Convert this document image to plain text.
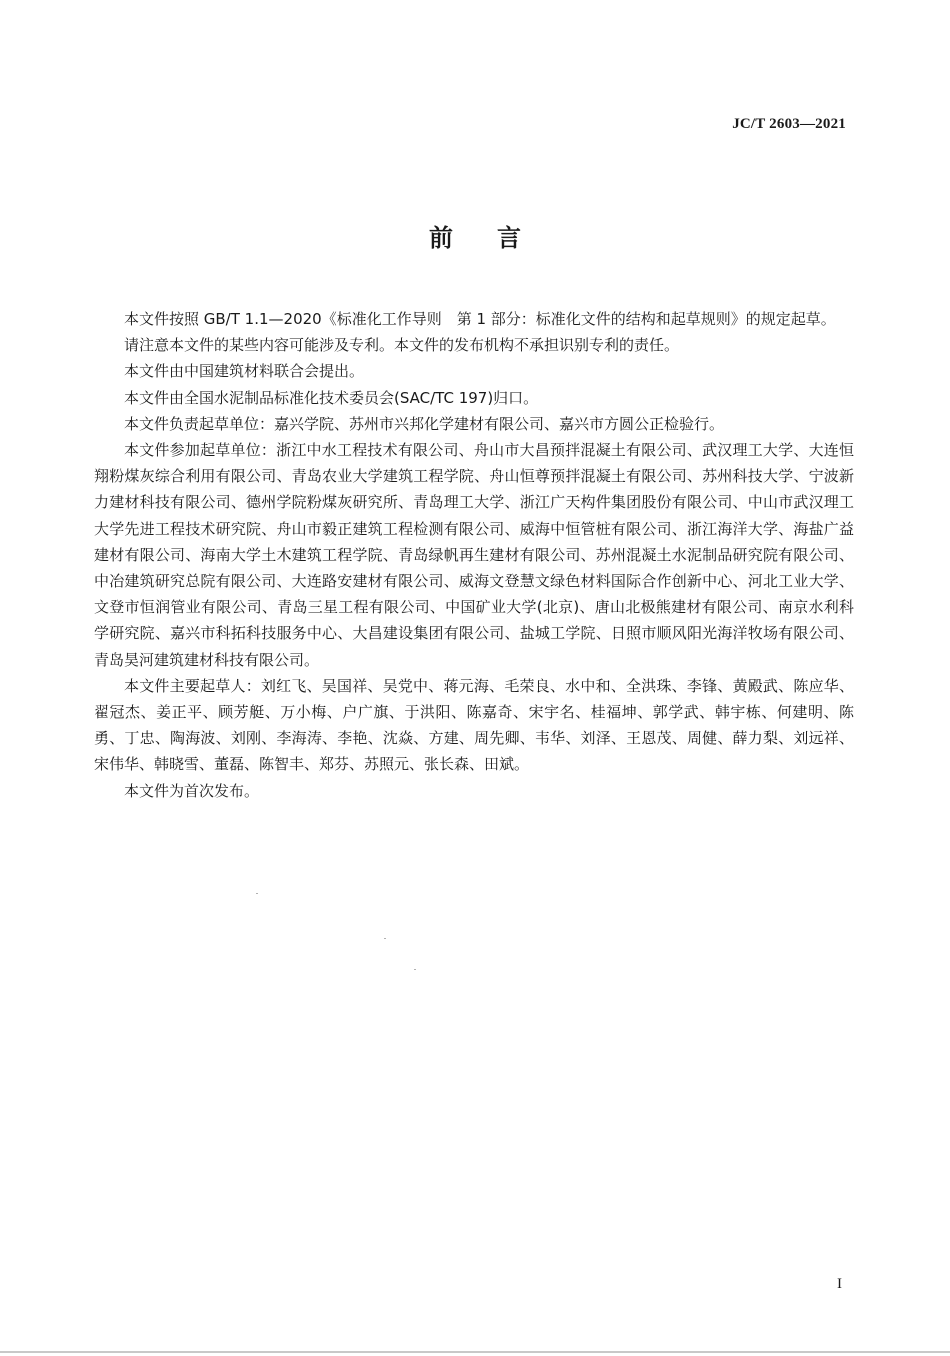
JC/T 2603—2021
前言

本文件按照 GB/T 1.1—2020《标准化工作导则　第 1 部分：标准化文件的结构和起草规则》的规定起草。

请注意本文件的某些内容可能涉及专利。本文件的发布机构不承担识别专利的责任。

本文件由中国建筑材料联合会提出。

本文件由全国水泥制品标准化技术委员会(SAC/TC 197)归口。

本文件负责起草单位：嘉兴学院、苏州市兴邦化学建材有限公司、嘉兴市方圆公正检验行。

本文件参加起草单位：浙江中水工程技术有限公司、舟山市大昌预拌混凝土有限公司、武汉理工大学、大连恒翔粉煤灰综合利用有限公司、青岛农业大学建筑工程学院、舟山恒尊预拌混凝土有限公司、苏州科技大学、宁波新力建材科技有限公司、德州学院粉煤灰研究所、青岛理工大学、浙江广天构件集团股份有限公司、中山市武汉理工大学先进工程技术研究院、舟山市毅正建筑工程检测有限公司、威海中恒管桩有限公司、浙江海洋大学、海盐广益建材有限公司、海南大学土木建筑工程学院、青岛绿帆再生建材有限公司、苏州混凝土水泥制品研究院有限公司、中冶建筑研究总院有限公司、大连路安建材有限公司、威海文登慧文绿色材料国际合作创新中心、河北工业大学、文登市恒润管业有限公司、青岛三星工程有限公司、中国矿业大学(北京)、唐山北极熊建材有限公司、南京水利科学研究院、嘉兴市科拓科技服务中心、大昌建设集团有限公司、盐城工学院、日照市顺风阳光海洋牧场有限公司、青岛昊河建筑建材科技有限公司。

本文件主要起草人：刘红飞、吴国祥、吴党中、蒋元海、毛荣良、水中和、全洪珠、李锋、黄殿武、陈应华、翟冠杰、姜正平、顾芳艇、万小梅、户广旗、于洪阳、陈嘉奇、宋宇名、桂福坤、郭学武、韩宇栋、何建明、陈勇、丁忠、陶海波、刘刚、李海涛、李艳、沈焱、方建、周先卿、韦华、刘泽、王恩茂、周健、薛力梨、刘远祥、宋伟华、韩晓雪、董磊、陈智丰、郑芬、苏照元、张长森、田斌。

本文件为首次发布。

I
